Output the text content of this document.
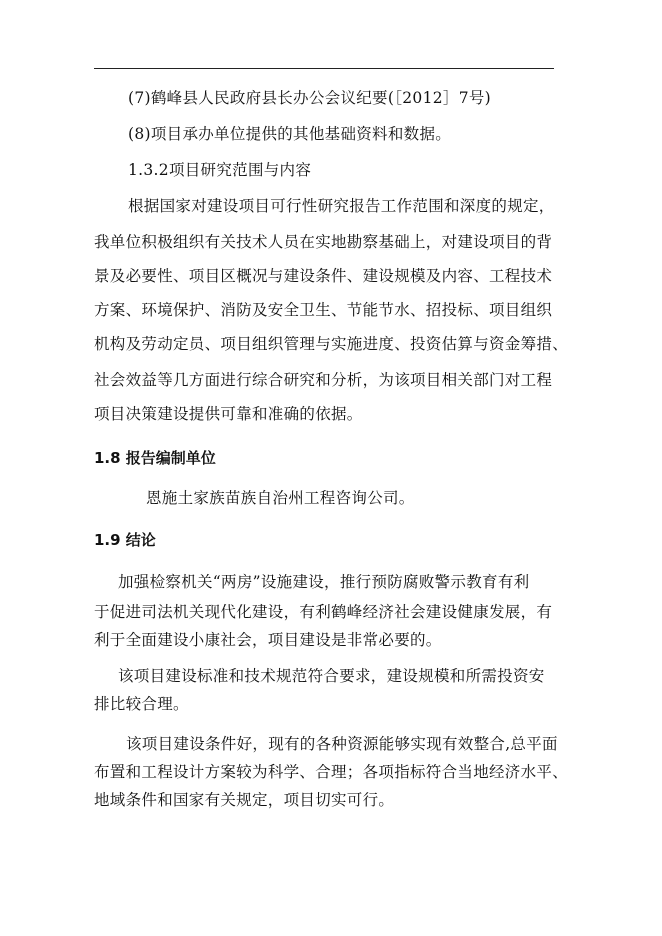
(7)鹤峰县人民政府县长办公会议纪要(［2012］7号)
(8)项目承办单位提供的其他基础资料和数据。
1.3.2项目研究范围与内容
根据国家对建设项目可行性研究报告工作范围和深度的规定，
我单位积极组织有关技术人员在实地勘察基础上，对建设项目的背
景及必要性、项目区概况与建设条件、建设规模及内容、工程技术
方案、环境保护、消防及安全卫生、节能节水、招投标、项目组织
机构及劳动定员、项目组织管理与实施进度、投资估算与资金筹措、
社会效益等几方面进行综合研究和分析，为该项目相关部门对工程
项目决策建设提供可靠和准确的依据。
1.8 报告编制单位
恩施土家族苗族自治州工程咨询公司。
1.9 结论
加强检察机关“两房”设施建设，推行预防腐败警示教育有利
于促进司法机关现代化建设，有利鹤峰经济社会建设健康发展，有
利于全面建设小康社会，项目建设是非常必要的。
该项目建设标准和技术规范符合要求，建设规模和所需投资安
排比较合理。
该项目建设条件好，现有的各种资源能够实现有效整合,总平面
布置和工程设计方案较为科学、合理；各项指标符合当地经济水平、
地域条件和国家有关规定，项目切实可行。
